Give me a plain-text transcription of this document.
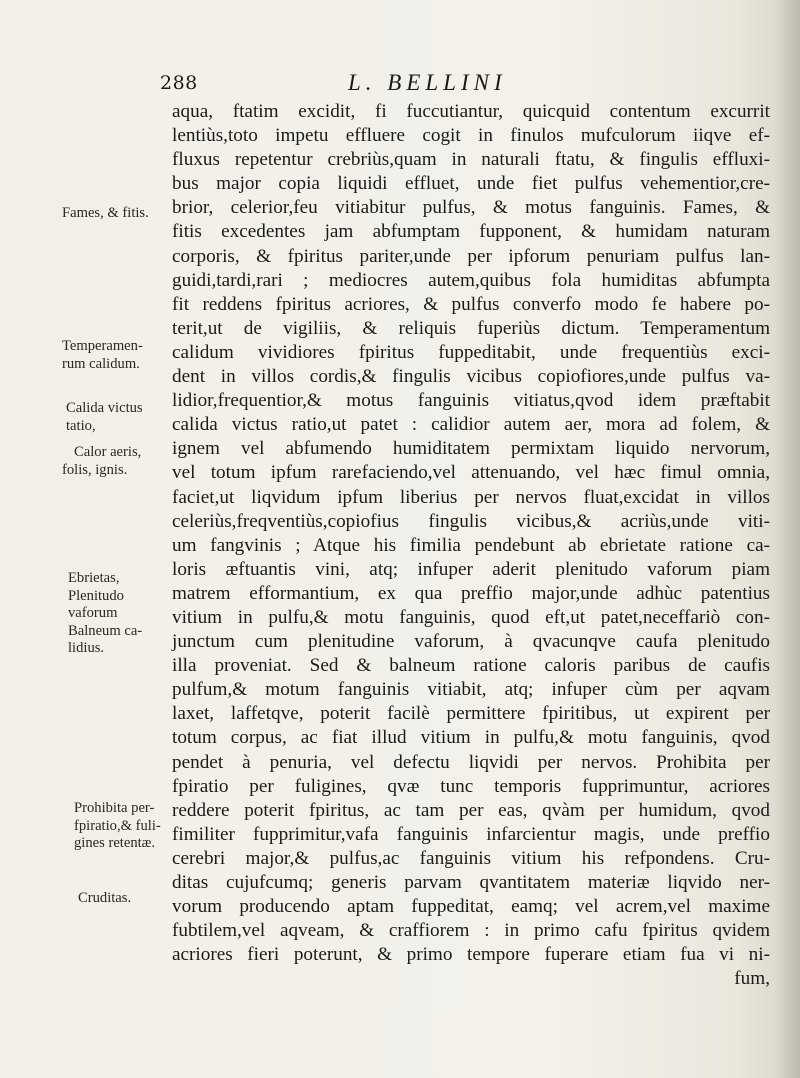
288	L. BELLINI
Fames, & fitis.
Temperamen-
rum calidum.
Calida victus
tatio,
Calor aeris,
folis, ignis.
Ebrietas,
Plenitudo
vaforum
Balneum ca-
lidius.
Prohibita per-
fpiratio,& fuli-
gines retentæ.
Cruditas.
aqua, ftatim excidit, fi fuccutiantur, quicquid contentum excurrit
lentiùs,toto impetu effluere cogit in finulos mufculorum iiqve ef-
fluxus repetentur crebriùs,quam in naturali ftatu, & fingulis effluxi-
bus major copia liquidi effluet, unde fiet pulfus vehementior,cre-
brior, celerior,feu vitiabitur pulfus, & motus fanguinis. Fames, &
fitis excedentes jam abfumptam fupponent, & humidam naturam
corporis, & fpiritus pariter,unde per ipforum penuriam pulfus lan-
guidi,tardi,rari ; mediocres autem,quibus fola humiditas abfumpta
fit reddens fpiritus acriores, & pulfus converfo modo fe habere po-
terit,ut de vigiliis, & reliquis fuperiùs dictum. Temperamentum
calidum vividiores fpiritus fuppeditabit, unde frequentiùs exci-
dent in villos cordis,& fingulis vicibus copiofiores,unde pulfus va-
lidior,frequentior,& motus fanguinis vitiatus,qvod idem præftabit
calida victus ratio,ut patet : calidior autem aer, mora ad folem, &
ignem vel abfumendo humiditatem permixtam liquido nervorum,
vel totum ipfum rarefaciendo,vel attenuando, vel hæc fimul omnia,
faciet,ut liqvidum ipfum liberius per nervos fluat,excidat in villos
celeriùs,freqventiùs,copiofius fingulis vicibus,& acriùs,unde viti-
um fangvinis ; Atque his fimilia pendebunt ab ebrietate ratione ca-
loris æftuantis vini, atq; infuper aderit plenitudo vaforum piam
matrem efformantium, ex qua preffio major,unde adhùc patentius
vitium in pulfu,& motu fanguinis, quod eft,ut patet,neceffariò con-
junctum cum plenitudine vaforum, à qvacunqve caufa plenitudo
illa proveniat. Sed & balneum ratione caloris paribus de caufis
pulfum,& motum fanguinis vitiabit, atq; infuper cùm per aqvam
laxet, laffetqve, poterit facilè permittere fpiritibus, ut expirent per
totum corpus, ac fiat illud vitium in pulfu,& motu fanguinis, qvod
pendet à penuria, vel defectu liqvidi per nervos. Prohibita per
fpiratio per fuligines, qvæ tunc temporis fupprimuntur, acriores
reddere poterit fpiritus, ac tam per eas, qvàm per humidum, qvod
fimiliter fupprimitur,vafa fanguinis infarcientur magis, unde preffio
cerebri major,& pulfus,ac fanguinis vitium his refpondens. Cru-
ditas cujufcumq; generis parvam qvantitatem materiæ liqvido ner-
vorum producendo aptam fuppeditat, eamq; vel acrem,vel maxime
fubtilem,vel aqveam, & craffiorem : in primo cafu fpiritus qvidem
acriores fieri poterunt, & primo tempore fuperare etiam fua vi ni-
fum,
